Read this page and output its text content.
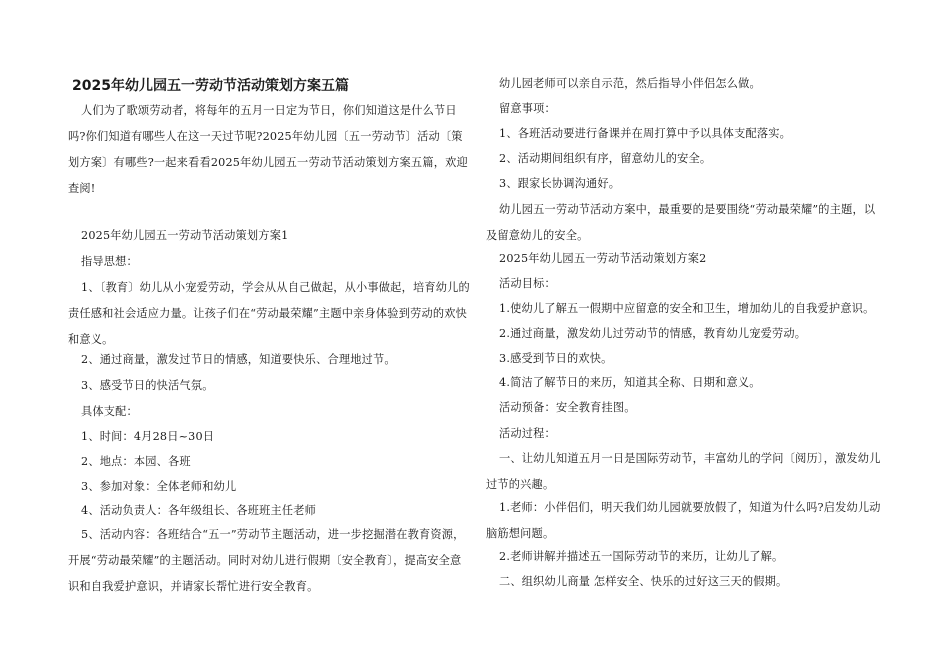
2025年幼儿园五一劳动节活动策划方案五篇

人们为了歌颂劳动者，将每年的五月一日定为节日，你们知道这是什么节日吗?你们知道有哪些人在这一天过节呢?2025年幼儿园〔五一劳动节〕活动〔策划方案〕有哪些?一起来看看2025年幼儿园五一劳动节活动策划方案五篇，欢迎查阅!

2025年幼儿园五一劳动节活动策划方案1

指导思想：

1、〔教育〕幼儿从小宠爱劳动，学会从从自己做起，从小事做起，培育幼儿的责任感和社会适应力量。让孩子们在“劳动最荣耀”主题中亲身体验到劳动的欢快和意义。

2、通过商量，激发过节日的情感，知道要快乐、合理地过节。

3、感受节日的快活气氛。

具体支配：

1、时间：4月28日~30日

2、地点：本园、各班

3、参加对象：全体老师和幼儿

4、活动负责人：各年级组长、各班班主任老师

5、活动内容：各班结合“五一”劳动节主题活动，进一步挖掘潜在教育资源，开展“劳动最荣耀”的主题活动。同时对幼儿进行假期〔安全教育〕，提高安全意识和自我爱护意识，并请家长帮忙进行安全教育。

幼儿园老师可以亲自示范，然后指导小伴侣怎么做。

留意事项：

1、各班活动要进行备课并在周打算中予以具体支配落实。

2、活动期间组织有序，留意幼儿的安全。

3、跟家长协调沟通好。

幼儿园五一劳动节活动方案中，最重要的是要围绕“劳动最荣耀”的主题，以及留意幼儿的安全。

2025年幼儿园五一劳动节活动策划方案2

活动目标：

1.使幼儿了解五一假期中应留意的安全和卫生，增加幼儿的自我爱护意识。

2.通过商量，激发幼儿过劳动节的情感，教育幼儿宠爱劳动。

3.感受到节日的欢快。

4.简洁了解节日的来历，知道其全称、日期和意义。

活动预备：安全教育挂图。

活动过程：

一、让幼儿知道五月一日是国际劳动节，丰富幼儿的学问〔阅历〕，激发幼儿过节的兴趣。

1.老师：小伴侣们，明天我们幼儿园就要放假了，知道为什么吗?启发幼儿动脑筋想问题。

2.老师讲解并描述五一国际劳动节的来历，让幼儿了解。

二、组织幼儿商量 怎样安全、快乐的过好这三天的假期。
